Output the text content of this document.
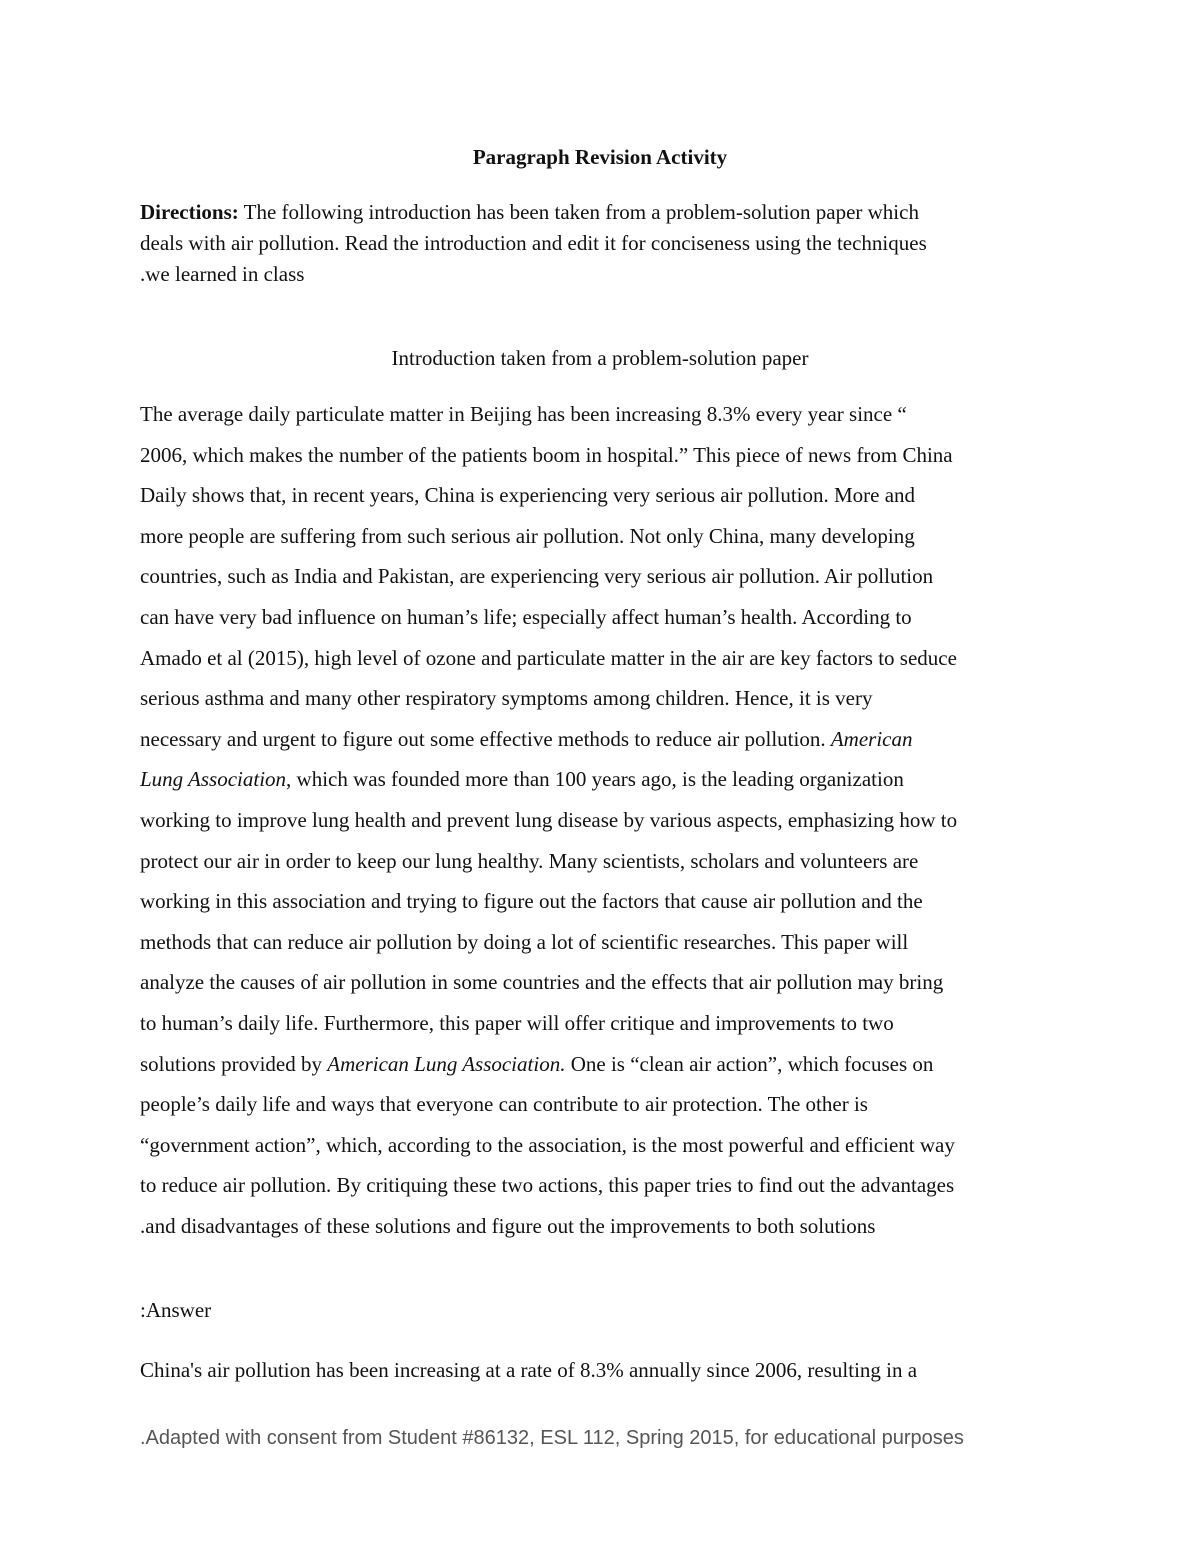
Paragraph Revision Activity
Directions: The following introduction has been taken from a problem-solution paper which
deals with air pollution. Read the introduction and edit it for conciseness using the techniques
.we learned in class
Introduction taken from a problem-solution paper
The average daily particulate matter in Beijing has been increasing 8.3% every year since “
2006, which makes the number of the patients boom in hospital.” This piece of news from China
Daily shows that, in recent years, China is experiencing very serious air pollution. More and
more people are suffering from such serious air pollution. Not only China, many developing
countries, such as India and Pakistan, are experiencing very serious air pollution. Air pollution
can have very bad influence on human’s life; especially affect human’s health. According to
Amado et al (2015), high level of ozone and particulate matter in the air are key factors to seduce
serious asthma and many other respiratory symptoms among children. Hence, it is very
necessary and urgent to figure out some effective methods to reduce air pollution. American
Lung Association, which was founded more than 100 years ago, is the leading organization
working to improve lung health and prevent lung disease by various aspects, emphasizing how to
protect our air in order to keep our lung healthy. Many scientists, scholars and volunteers are
working in this association and trying to figure out the factors that cause air pollution and the
methods that can reduce air pollution by doing a lot of scientific researches. This paper will
analyze the causes of air pollution in some countries and the effects that air pollution may bring
to human’s daily life. Furthermore, this paper will offer critique and improvements to two
solutions provided by American Lung Association. One is “clean air action”, which focuses on
people’s daily life and ways that everyone can contribute to air protection. The other is
“government action”, which, according to the association, is the most powerful and efficient way
to reduce air pollution. By critiquing these two actions, this paper tries to find out the advantages
.and disadvantages of these solutions and figure out the improvements to both solutions
:Answer
China's air pollution has been increasing at a rate of 8.3% annually since 2006, resulting in a
.Adapted with consent from Student #86132, ESL 112, Spring 2015, for educational purposes
